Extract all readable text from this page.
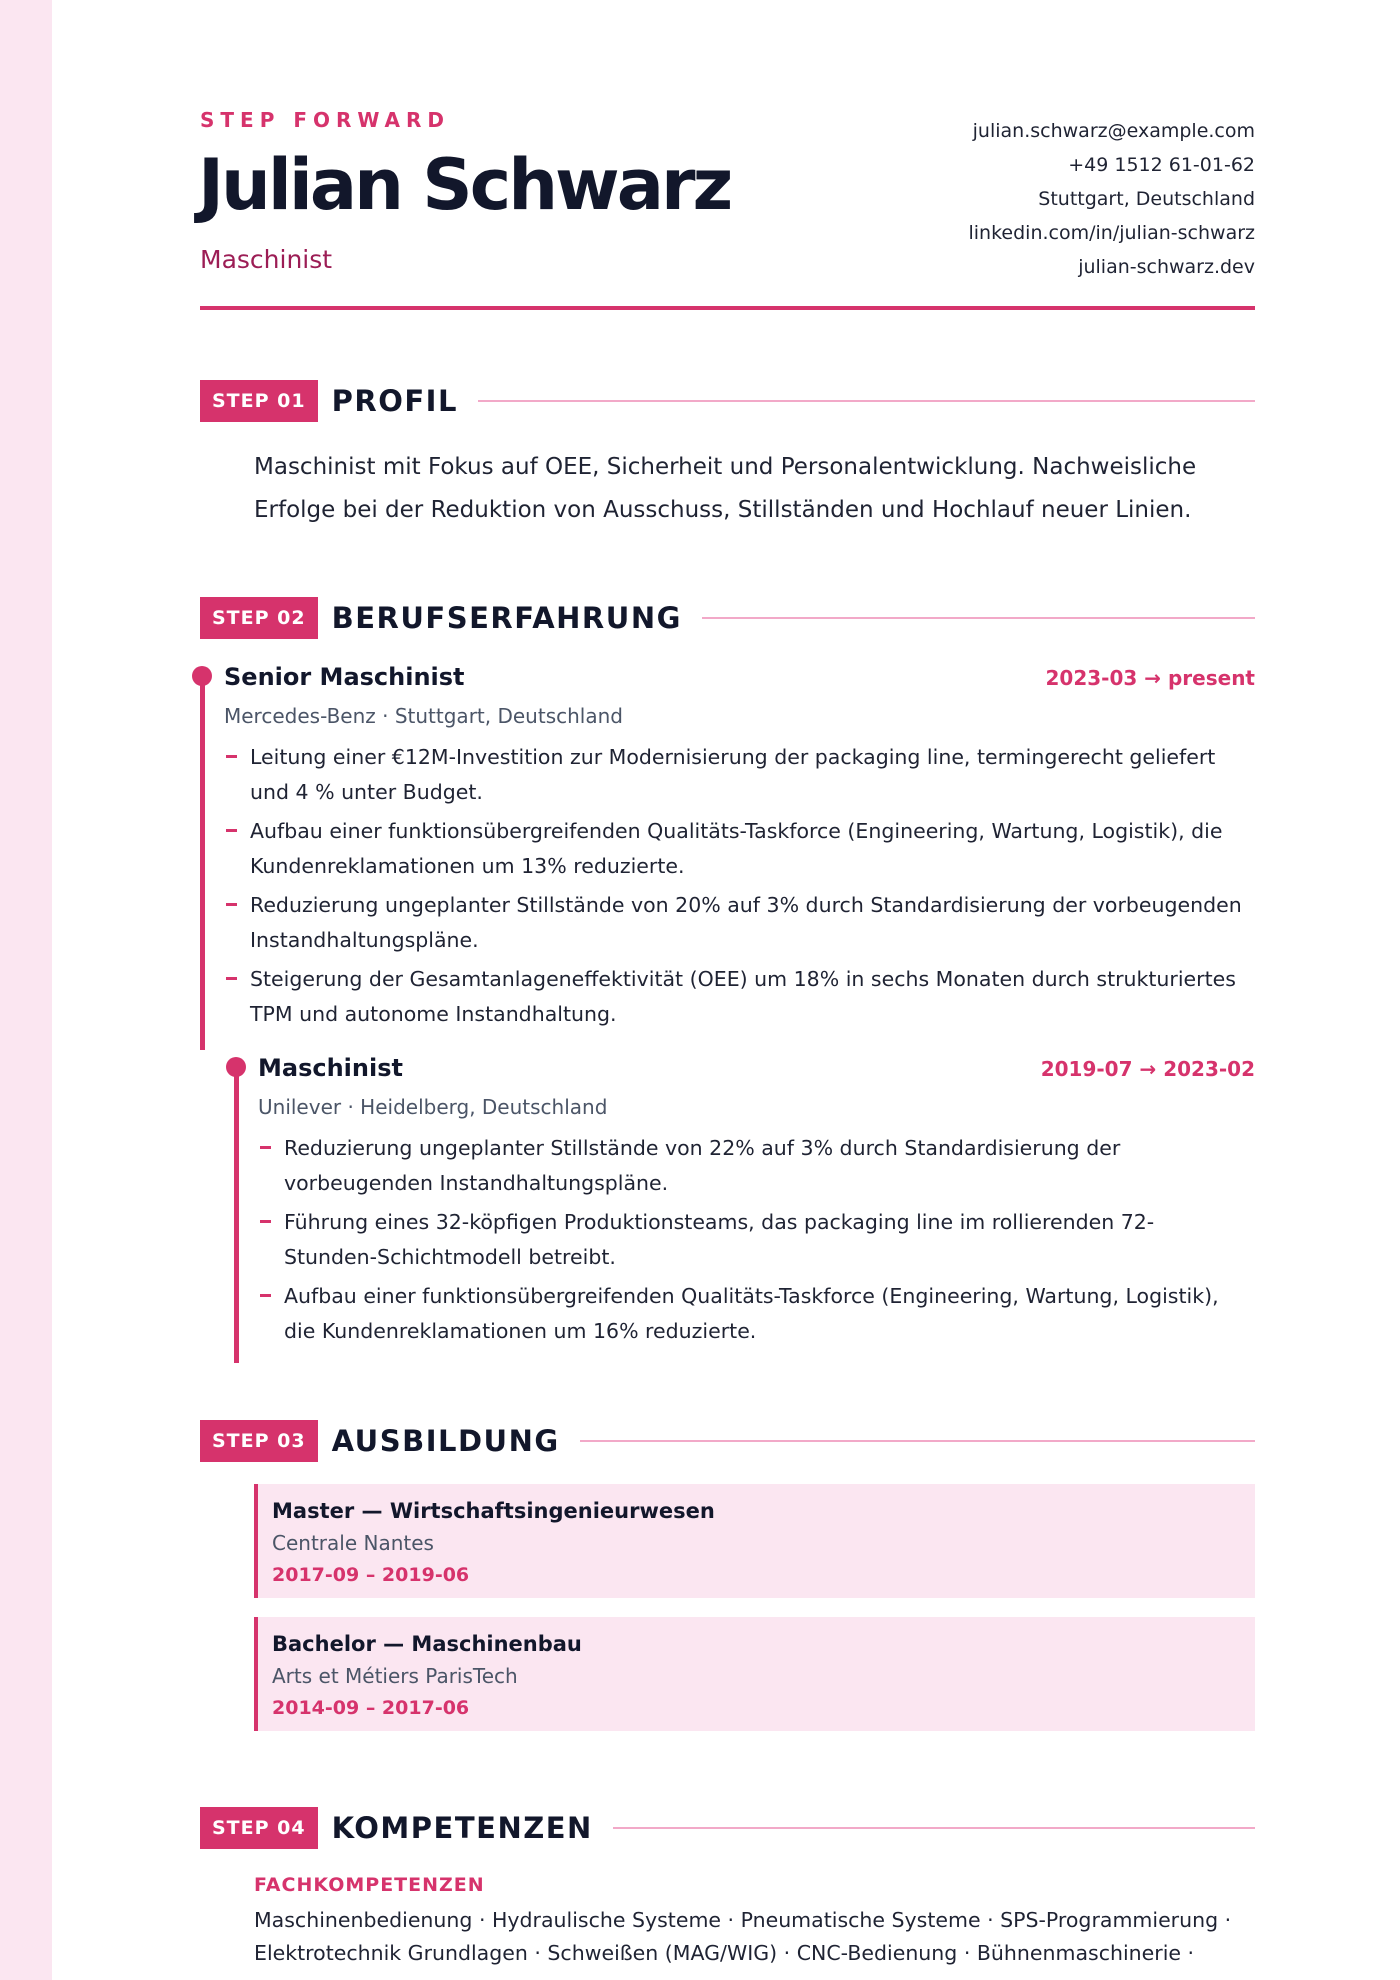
STEP FORWARD
Julian Schwarz
Maschinist
julian.schwarz@example.com
+49 1512 61-01-62
Stuttgart, Deutschland
linkedin.com/in/julian-schwarz
julian-schwarz.dev
STEP 01 PROFIL
Maschinist mit Fokus auf OEE, Sicherheit und Personalentwicklung. Nachweisliche Erfolge bei der Reduktion von Ausschuss, Stillständen und Hochlauf neuer Linien.
STEP 02 BERUFSERFAHRUNG
Senior Maschinist	2023-03 → present
Mercedes-Benz · Stuttgart, Deutschland
Leitung einer €12M-Investition zur Modernisierung der packaging line, termingerecht geliefert und 4 % unter Budget.
Aufbau einer funktionsübergreifenden Qualitäts-Taskforce (Engineering, Wartung, Logistik), die Kundenreklamationen um 13% reduzierte.
Reduzierung ungeplanter Stillstände von 20% auf 3% durch Standardisierung der vorbeugenden Instandhaltungspläne.
Steigerung der Gesamtanlageneffektivität (OEE) um 18% in sechs Monaten durch strukturiertes TPM und autonome Instandhaltung.
Maschinist	2019-07 → 2023-02
Unilever · Heidelberg, Deutschland
Reduzierung ungeplanter Stillstände von 22% auf 3% durch Standardisierung der vorbeugenden Instandhaltungspläne.
Führung eines 32-köpfigen Produktionsteams, das packaging line im rollierenden 72-Stunden-Schichtmodell betreibt.
Aufbau einer funktionsübergreifenden Qualitäts-Taskforce (Engineering, Wartung, Logistik), die Kundenreklamationen um 16% reduzierte.
STEP 03 AUSBILDUNG
Master — Wirtschaftsingenieurwesen
Centrale Nantes
2017-09 – 2019-06
Bachelor — Maschinenbau
Arts et Métiers ParisTech
2014-09 – 2017-06
STEP 04 KOMPETENZEN
FACHKOMPETENZEN
Maschinenbedienung · Hydraulische Systeme · Pneumatische Systeme · SPS-Programmierung · Elektrotechnik Grundlagen · Schweißen (MAG/WIG) · CNC-Bedienung · Bühnenmaschinerie ·
